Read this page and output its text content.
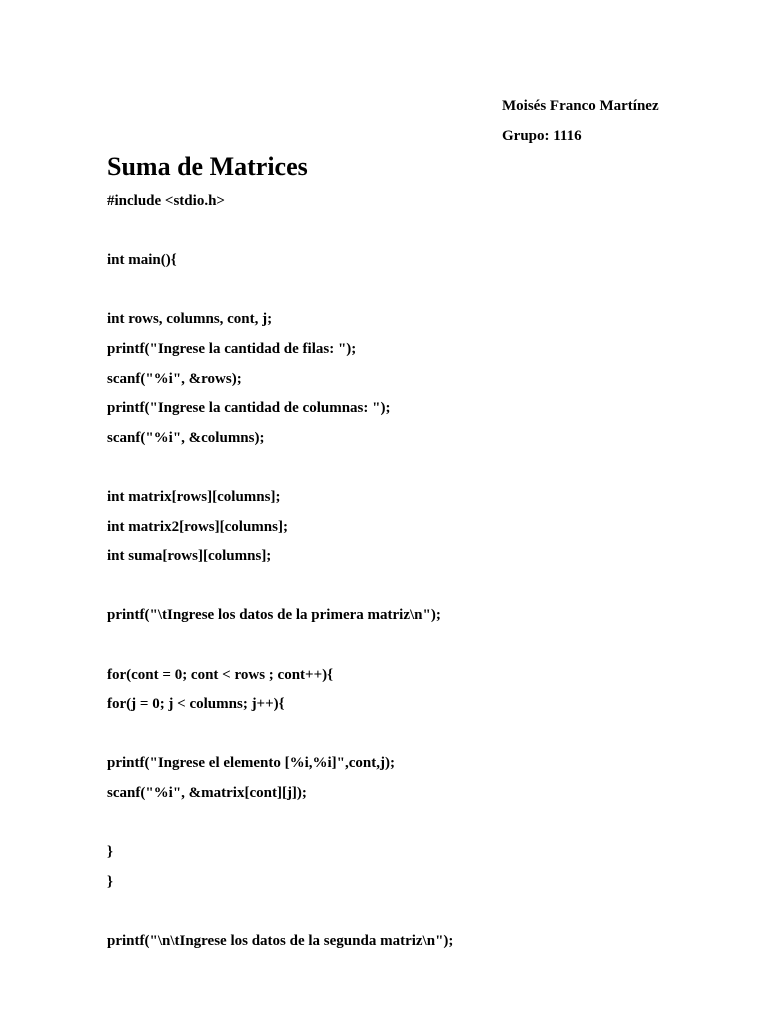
Moisés Franco Martínez
Grupo: 1116
Suma de Matrices
#include <stdio.h>
int main(){
int rows, columns, cont, j;
printf("Ingrese la cantidad de filas: ");
scanf("%i", &rows);
printf("Ingrese la cantidad de columnas: ");
scanf("%i", &columns);
int matrix[rows][columns];
int matrix2[rows][columns];
int suma[rows][columns];
printf("\tIngrese los datos de la primera matriz\n");
for(cont = 0; cont < rows ; cont++){
for(j = 0; j < columns; j++){
printf("Ingrese el elemento [%i,%i]",cont,j);
scanf("%i", &matrix[cont][j]);
}
}
printf("\n\tIngrese los datos de la segunda matriz\n");
